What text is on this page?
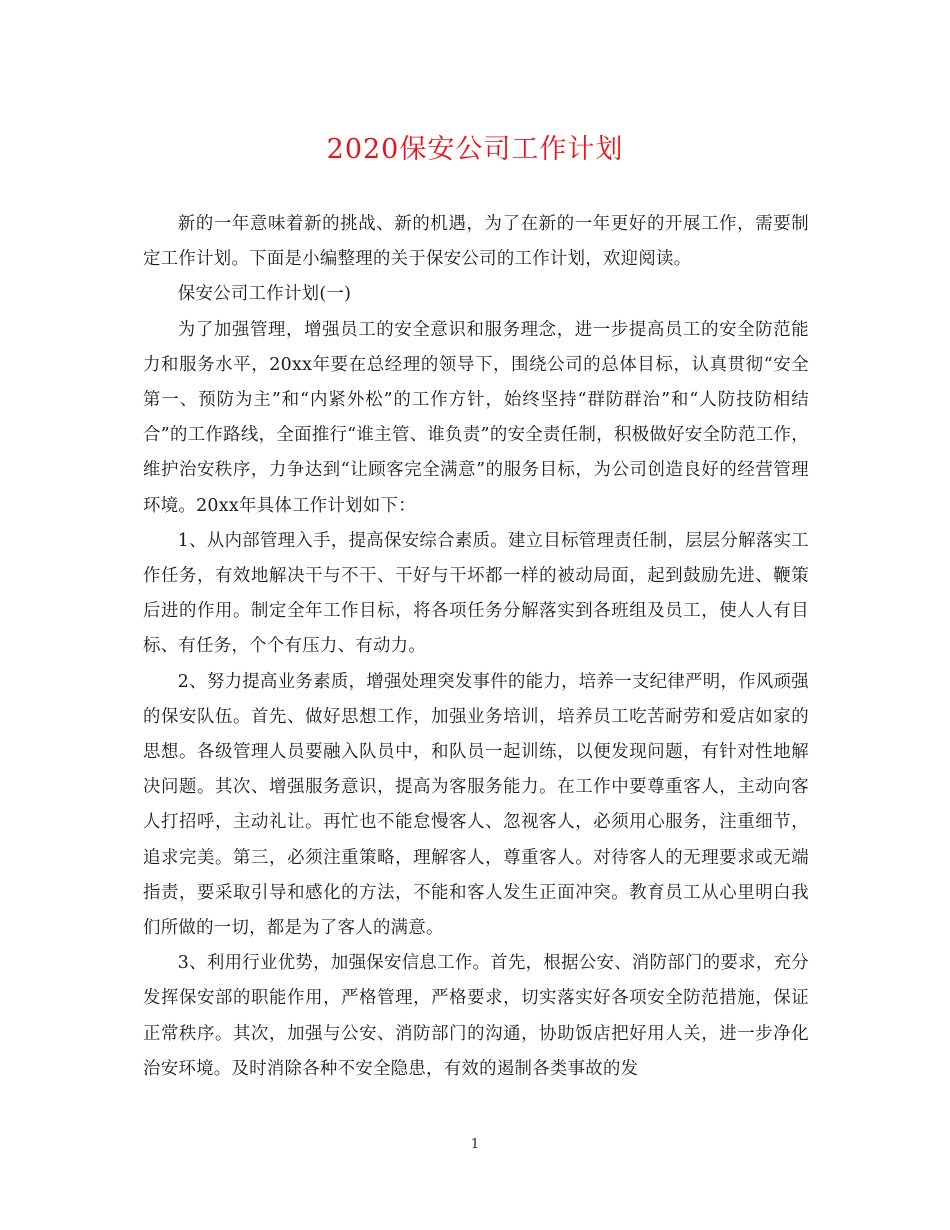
2020保安公司工作计划

新的一年意味着新的挑战、新的机遇，为了在新的一年更好的开展工作，需要制定工作计划。下面是小编整理的关于保安公司的工作计划，欢迎阅读。

保安公司工作计划(一)

为了加强管理，增强员工的安全意识和服务理念，进一步提高员工的安全防范能力和服务水平，20xx年要在总经理的领导下，围绕公司的总体目标，认真贯彻“安全第一、预防为主”和“内紧外松”的工作方针，始终坚持“群防群治”和“人防技防相结合”的工作路线，全面推行“谁主管、谁负责”的安全责任制，积极做好安全防范工作，维护治安秩序，力争达到“让顾客完全满意”的服务目标，为公司创造良好的经营管理环境。20xx年具体工作计划如下：

1、从内部管理入手，提高保安综合素质。建立目标管理责任制，层层分解落实工作任务，有效地解决干与不干、干好与干坏都一样的被动局面，起到鼓励先进、鞭策后进的作用。制定全年工作目标，将各项任务分解落实到各班组及员工，使人人有目标、有任务，个个有压力、有动力。

2、努力提高业务素质，增强处理突发事件的能力，培养一支纪律严明，作风顽强的保安队伍。首先、做好思想工作，加强业务培训，培养员工吃苦耐劳和爱店如家的思想。各级管理人员要融入队员中，和队员一起训练，以便发现问题，有针对性地解决问题。其次、增强服务意识，提高为客服务能力。在工作中要尊重客人，主动向客人打招呼，主动礼让。再忙也不能怠慢客人、忽视客人，必须用心服务，注重细节，追求完美。第三，必须注重策略，理解客人，尊重客人。对待客人的无理要求或无端指责，要采取引导和感化的方法，不能和客人发生正面冲突。教育员工从心里明白我们所做的一切，都是为了客人的满意。

3、利用行业优势，加强保安信息工作。首先，根据公安、消防部门的要求，充分发挥保安部的职能作用，严格管理，严格要求，切实落实好各项安全防范措施，保证正常秩序。其次，加强与公安、消防部门的沟通，协助饭店把好用人关，进一步净化治安环境。及时消除各种不安全隐患，有效的遏制各类事故的发

1
